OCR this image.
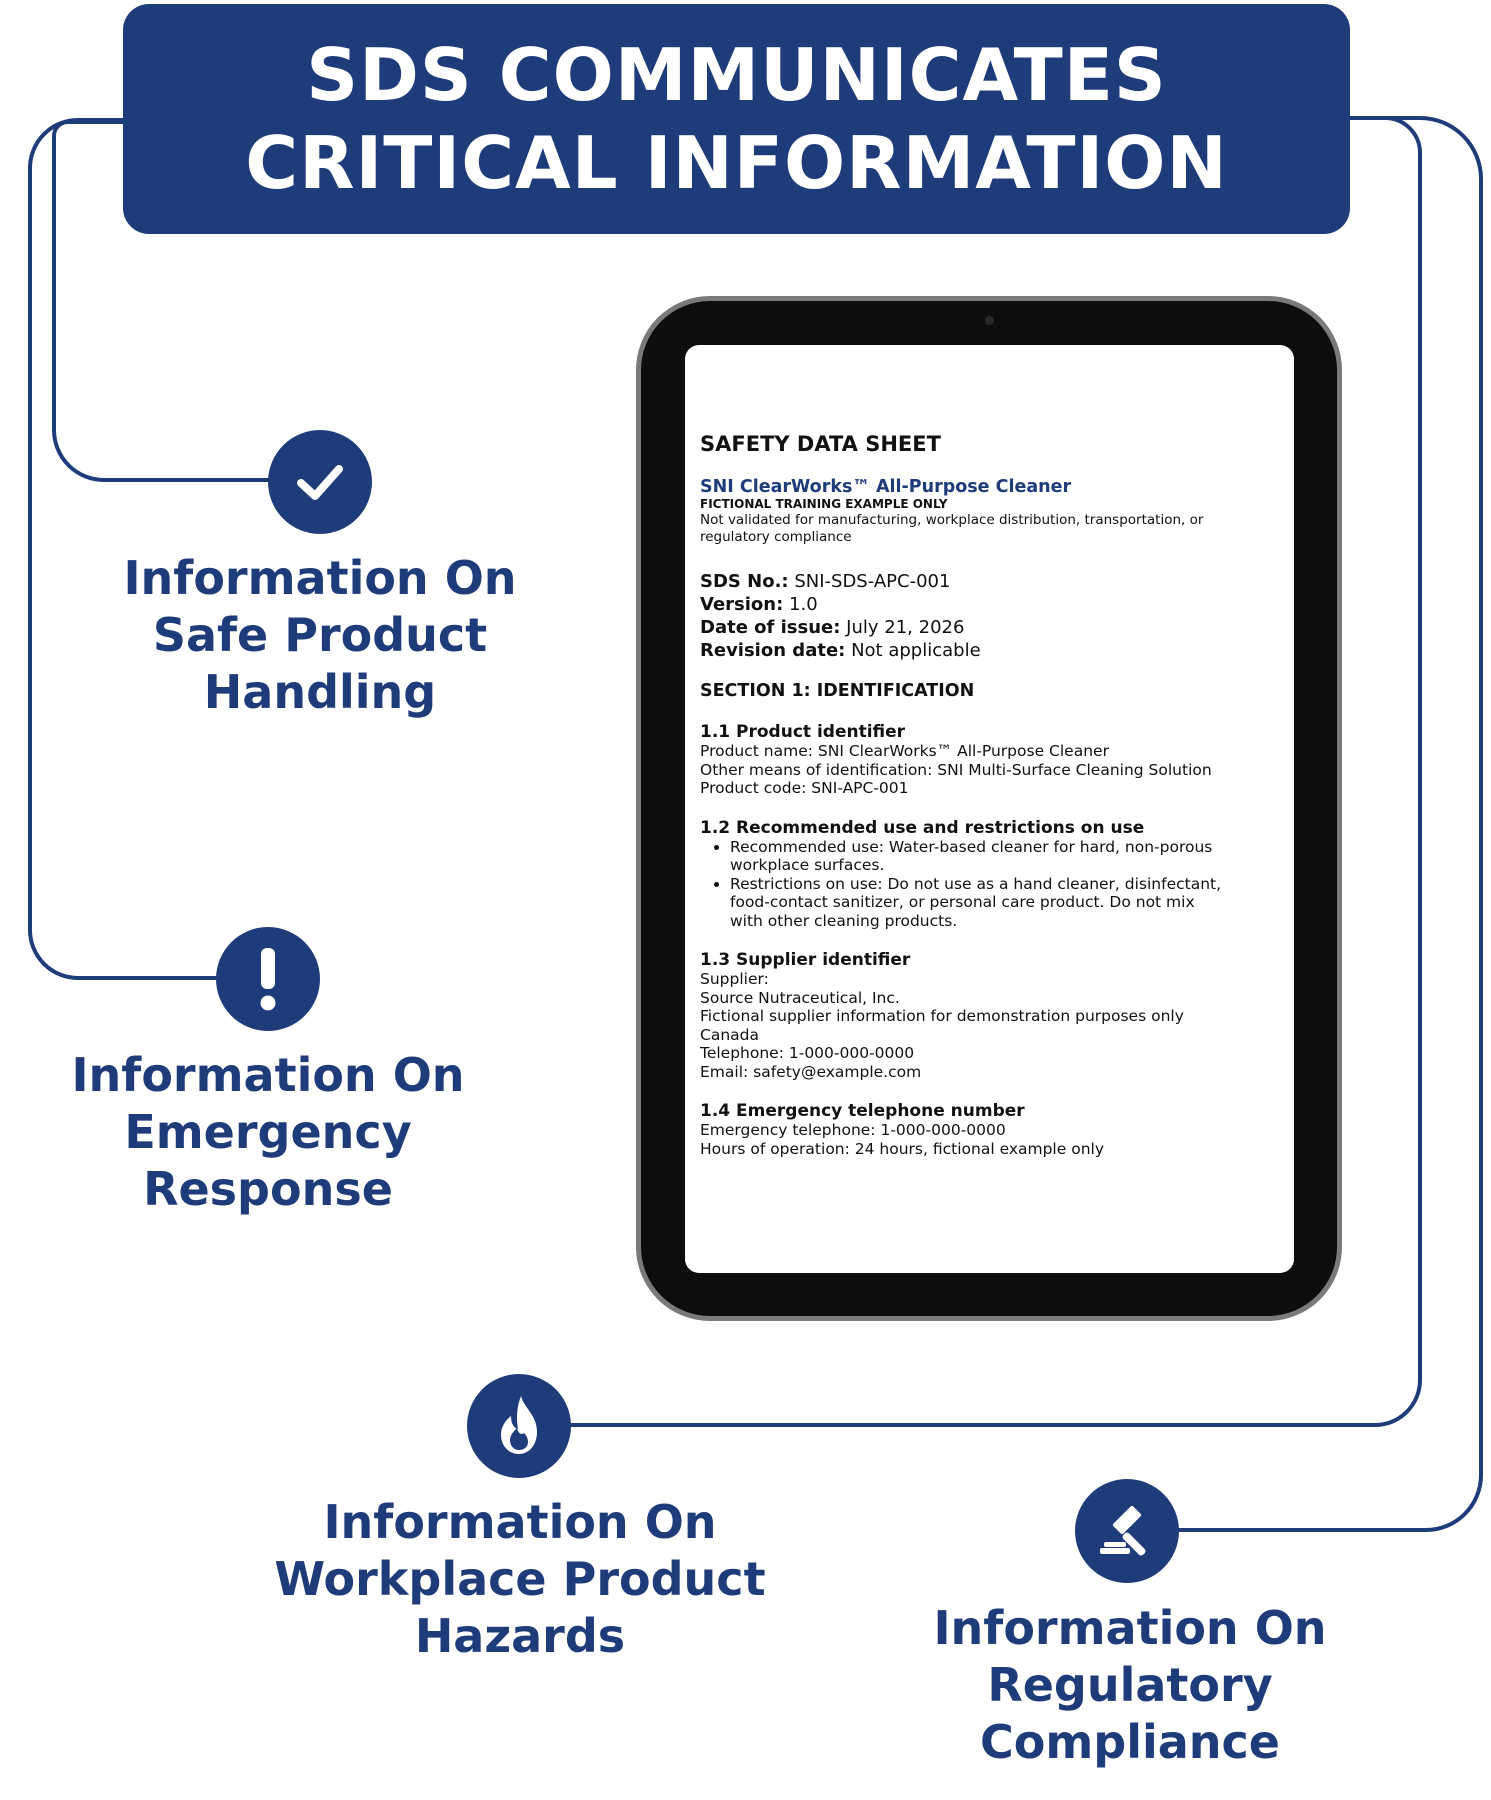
SDS COMMUNICATES
CRITICAL INFORMATION
Information On
Safe Product
Handling
Information On
Emergency
Response
Information On
Workplace Product
Hazards	Information On
Regulatory
Compliance
SAFETY DATA SHEET
SNI ClearWorks™ All-Purpose Cleaner
FICTIONAL TRAINING EXAMPLE ONLY
Not validated for manufacturing, workplace distribution, transportation, or
regulatory compliance
SDS No.: SNI-SDS-APC-001
Version: 1.0
Date of issue: July 21, 2026
Revision date: Not applicable
SECTION 1: IDENTIFICATION
1.1 Product identifier
Product name: SNI ClearWorks™ All-Purpose Cleaner
Other means of identification: SNI Multi-Surface Cleaning Solution
Product code: SNI-APC-001
1.2 Recommended use and restrictions on use
• Recommended use: Water-based cleaner for hard, non-porous
workplace surfaces.
• Restrictions on use: Do not use as a hand cleaner, disinfectant,
food-contact sanitizer, or personal care product. Do not mix
with other cleaning products.
1.3 Supplier identifier
Supplier:
Source Nutraceutical, Inc.
Fictional supplier information for demonstration purposes only
Canada
Telephone: 1-000-000-0000
Email: safety@example.com
1.4 Emergency telephone number
Emergency telephone: 1-000-000-0000
Hours of operation: 24 hours, fictional example only
